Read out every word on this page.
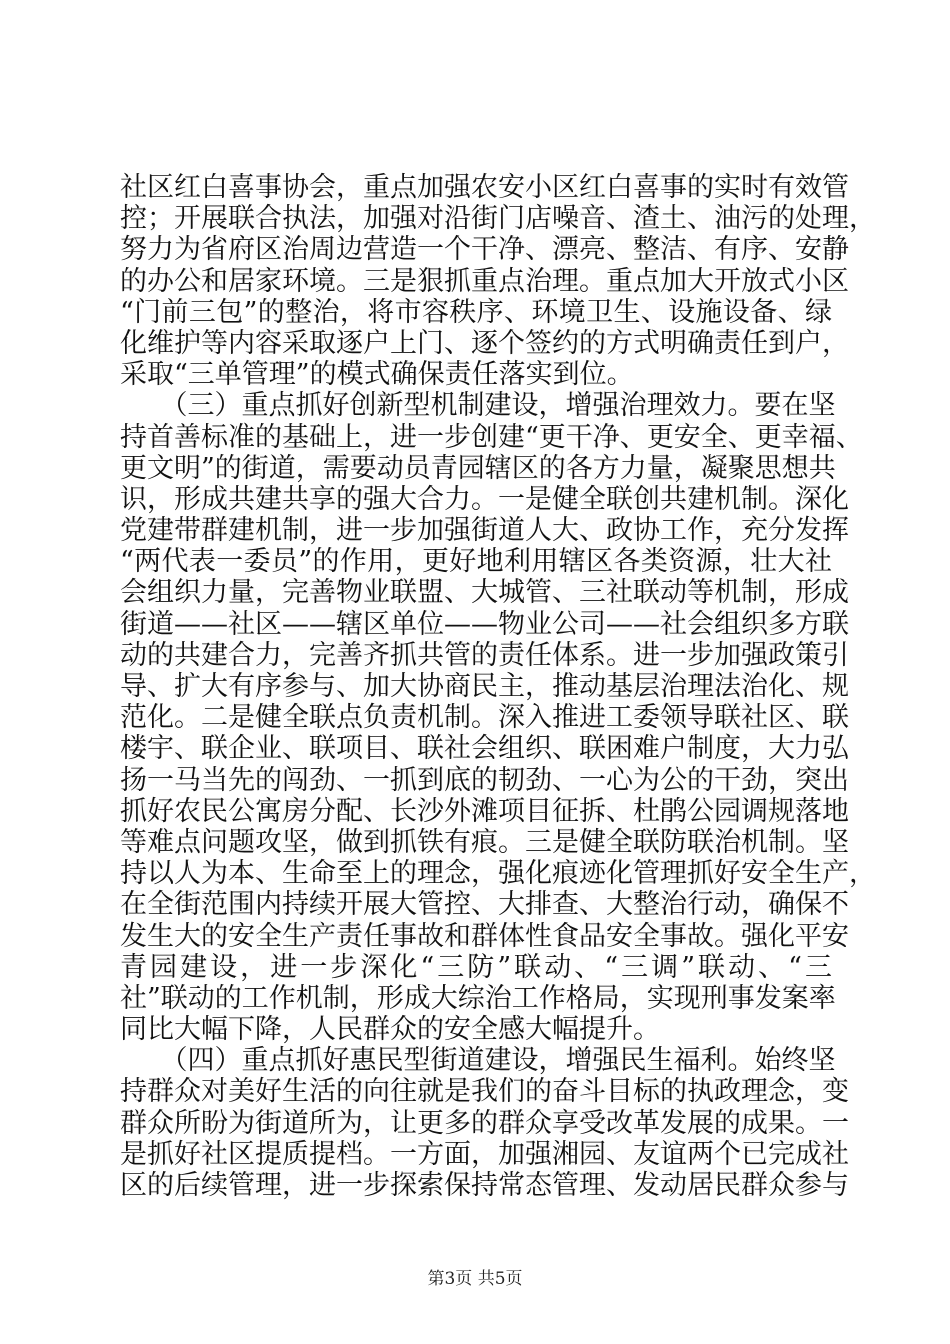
社区红白喜事协会，重点加强农安小区红白喜事的实时有效管
控；开展联合执法，加强对沿街门店噪音、渣土、油污的处理，
努力为省府区治周边营造一个干净、漂亮、整洁、有序、安静
的办公和居家环境。三是狠抓重点治理。重点加大开放式小区
“门前三包”的整治，将市容秩序、环境卫生、设施设备、绿
化维护等内容采取逐户上门、逐个签约的方式明确责任到户，
采取“三单管理”的模式确保责任落实到位。
　　（三）重点抓好创新型机制建设，增强治理效力。要在坚
持首善标准的基础上，进一步创建“更干净、更安全、更幸福、
更文明”的街道，需要动员青园辖区的各方力量，凝聚思想共
识，形成共建共享的强大合力。一是健全联创共建机制。深化
党建带群建机制，进一步加强街道人大、政协工作，充分发挥
“两代表一委员”的作用，更好地利用辖区各类资源，壮大社
会组织力量，完善物业联盟、大城管、三社联动等机制，形成
街道——社区——辖区单位——物业公司——社会组织多方联
动的共建合力，完善齐抓共管的责任体系。进一步加强政策引
导、扩大有序参与、加大协商民主，推动基层治理法治化、规
范化。二是健全联点负责机制。深入推进工委领导联社区、联
楼宇、联企业、联项目、联社会组织、联困难户制度，大力弘
扬一马当先的闯劲、一抓到底的韧劲、一心为公的干劲，突出
抓好农民公寓房分配、长沙外滩项目征拆、杜鹃公园调规落地
等难点问题攻坚，做到抓铁有痕。三是健全联防联治机制。坚
持以人为本、生命至上的理念，强化痕迹化管理抓好安全生产，
在全街范围内持续开展大管控、大排查、大整治行动，确保不
发生大的安全生产责任事故和群体性食品安全事故。强化平安
青园建设，进一步深化“三防”联动、“三调”联动、“三
社”联动的工作机制，形成大综治工作格局，实现刑事发案率
同比大幅下降，人民群众的安全感大幅提升。
　　（四）重点抓好惠民型街道建设，增强民生福利。始终坚
持群众对美好生活的向往就是我们的奋斗目标的执政理念，变
群众所盼为街道所为，让更多的群众享受改革发展的成果。一
是抓好社区提质提档。一方面，加强湘园、友谊两个已完成社
区的后续管理，进一步探索保持常态管理、发动居民群众参与
第3页 共5页
